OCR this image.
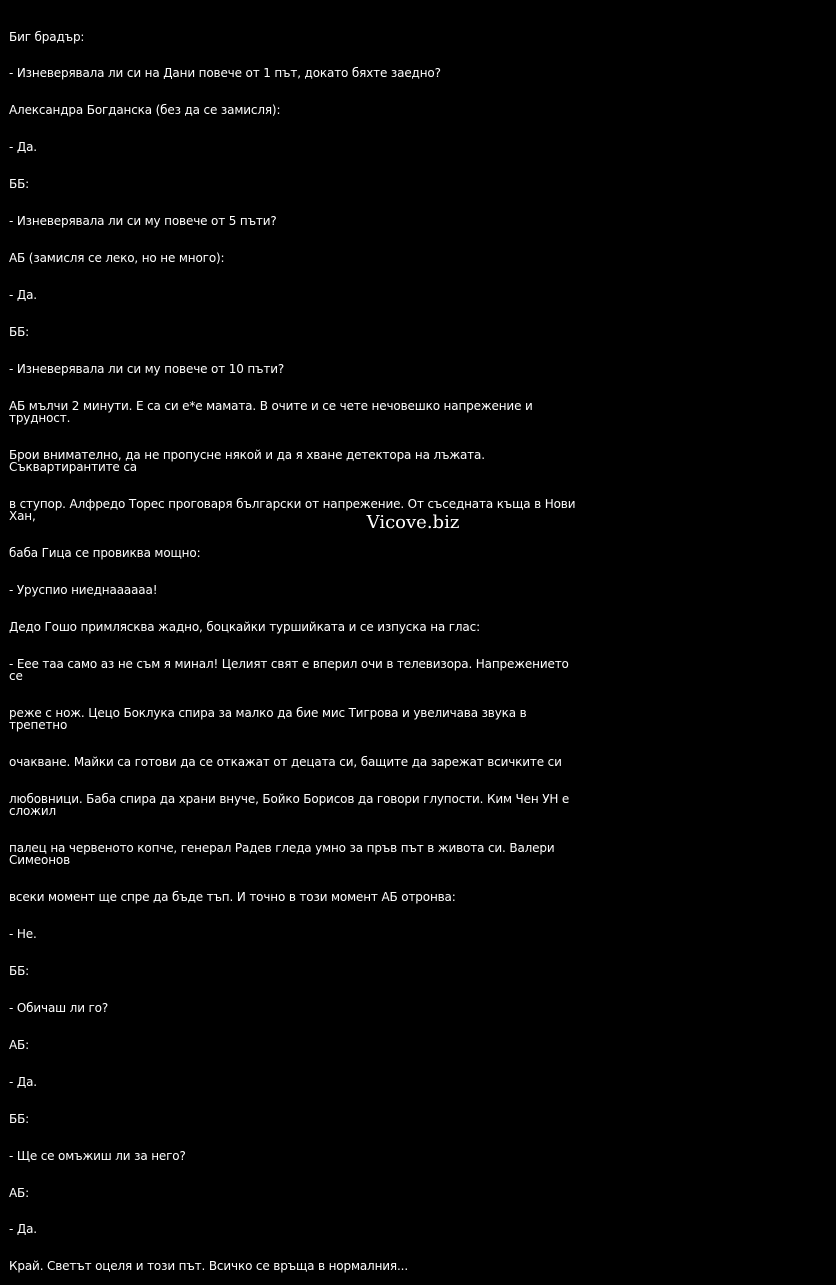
Биг брадър:

- Изневерявала ли си на Дани повече от 1 път, докато бяхте заедно?

Александра Богданска (без да се замисля):

- Да.

ББ:

- Изневерявала ли си му повече от 5 пъти?

АБ (замисля се леко, но не много):

- Да.

ББ:

- Изневерявала ли си му повече от 10 пъти?

АБ мълчи 2 минути. Е са си е*е мамата. В очите и се чете нечовешко напрежение и трудност.

Брои внимателно, да не пропусне някой и да я хване детектора на лъжата. Съквартирантите са

в ступор. Алфредо Торес проговаря български от напрежение. От съседната къща в Нови Хан,

баба Гица се провиква мощно:

- Уруспио ниеднаааааа!

Дедо Гошо примлясква жадно, боцкайки туршийката и се изпуска на глас:

- Еее таа само аз не съм я минал! Целият свят е вперил очи в телевизора. Напрежението се

реже с нож. Цецо Боклука спира за малко да бие мис Тигрова и увеличава звука в трепетно

очакване. Майки са готови да се откажат от децата си, бащите да зарежат всичките си

любовници. Баба спира да храни внуче, Бойко Борисов да говори глупости. Ким Чен УН е сложил

палец на червеното копче, генерал Радев гледа умно за пръв път в живота си. Валери Симеонов

всеки момент ще спре да бъде тъп. И точно в този момент АБ отронва:

- Не.

ББ:

- Обичаш ли го?

АБ:

- Да.

ББ:

- Ще се омъжиш ли за него?

АБ:

- Да.

Край. Светът оцеля и този път. Всичко се връща в нормалния...

Vicove.biz
